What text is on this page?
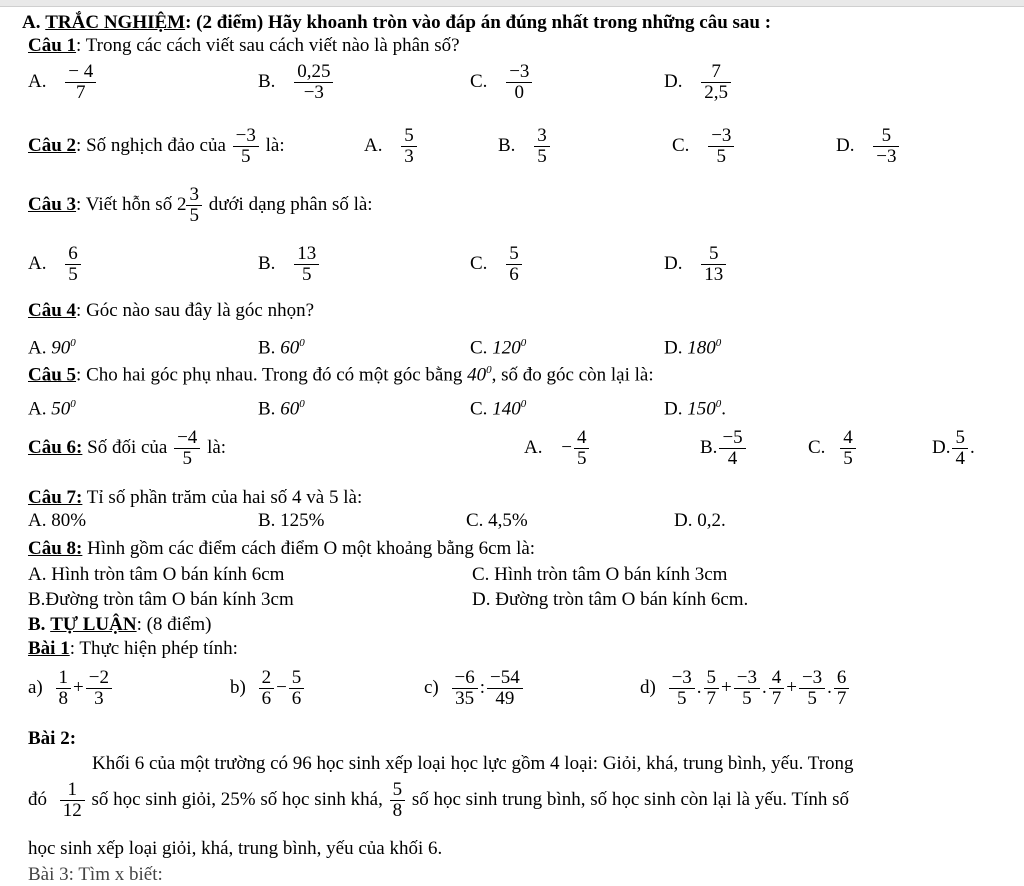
A. TRẮC NGHIỆM: (2 điểm) Hãy khoanh tròn vào đáp án đúng nhất trong những câu sau :
Câu 1: Trong các cách viết sau cách viết nào là phân số?
A. $\frac{- 4}{7}$	B. $\frac{0,25}{-3}$	C. $\frac{-3}{0}$	D. $\frac{7}{2,5}$
Câu 2: Số nghịch đảo của $\frac{-3}{5}$ là:	A. $\frac{5}{3}$	B. $\frac{3}{5}$	C. $\frac{-3}{5}$	D. $\frac{5}{-3}$
Câu 3: Viết hỗn số $2 \frac{3}{5}$ dưới dạng phân số là:
A. $\frac{6}{5}$	B. $\frac{13}{5}$	C. $\frac{5}{6}$	D. $\frac{5}{13}$
Câu 4: Góc nào sau đây là góc nhọn?
A. $90^0$	B. $60^0$	C. $120^0$	D. $180^0$
Câu 5: Cho hai góc phụ nhau. Trong đó có một góc bằng $40^0$, số đo góc còn lại là:
A. $50^0$	B. $60^0$	C. $140^0$	D. $150^0$.
Câu 6: Số đối của $\frac{-4}{5}$ là:	A. − $\frac{4}{5}$	B. $\frac{-5}{4}$	C. $\frac{4}{5}$	D. $\frac{5}{4}$ .
Câu 7: Tỉ số phần trăm của hai số 4 và 5 là:
A. 80%	B. 125%	C. 4,5%	D. 0,2.
Câu 8: Hình gồm các điểm cách điểm O một khoảng bằng 6cm là:
A. Hình tròn tâm O bán kính 6cm	C. Hình tròn tâm O bán kính 3cm
B.Đường tròn tâm O bán kính 3cm	D. Đường tròn tâm O bán kính 6cm.
B. TỰ LUẬN: (8 điểm)
Bài 1: Thực hiện phép tính:
$a) \frac{1}{8} + \frac{-2}{3}$	$b) \frac{2}{6} - \frac{5}{6}$	$c) \frac{-6}{35}$ : $\frac{-54}{49}$	$d) \frac{-3}{5}$ . $\frac{5}{7} + \frac{-3}{5}$ . $\frac{4}{7} + \frac{-3}{5}$ . $\frac{6}{7}$
Bài 2:
Khối 6 của một trường có 96 học sinh xếp loại học lực gồm 4 loại: Giỏi, khá, trung bình, yếu. Trong
đó $\frac{1}{12}$ số học sinh giỏi, 25% số học sinh khá, $\frac{5}{8}$ số học sinh trung bình, số học sinh còn lại là yếu. Tính số
học sinh xếp loại giỏi, khá, trung bình, yếu của khối 6.
Bài 3: Tìm x biết:
